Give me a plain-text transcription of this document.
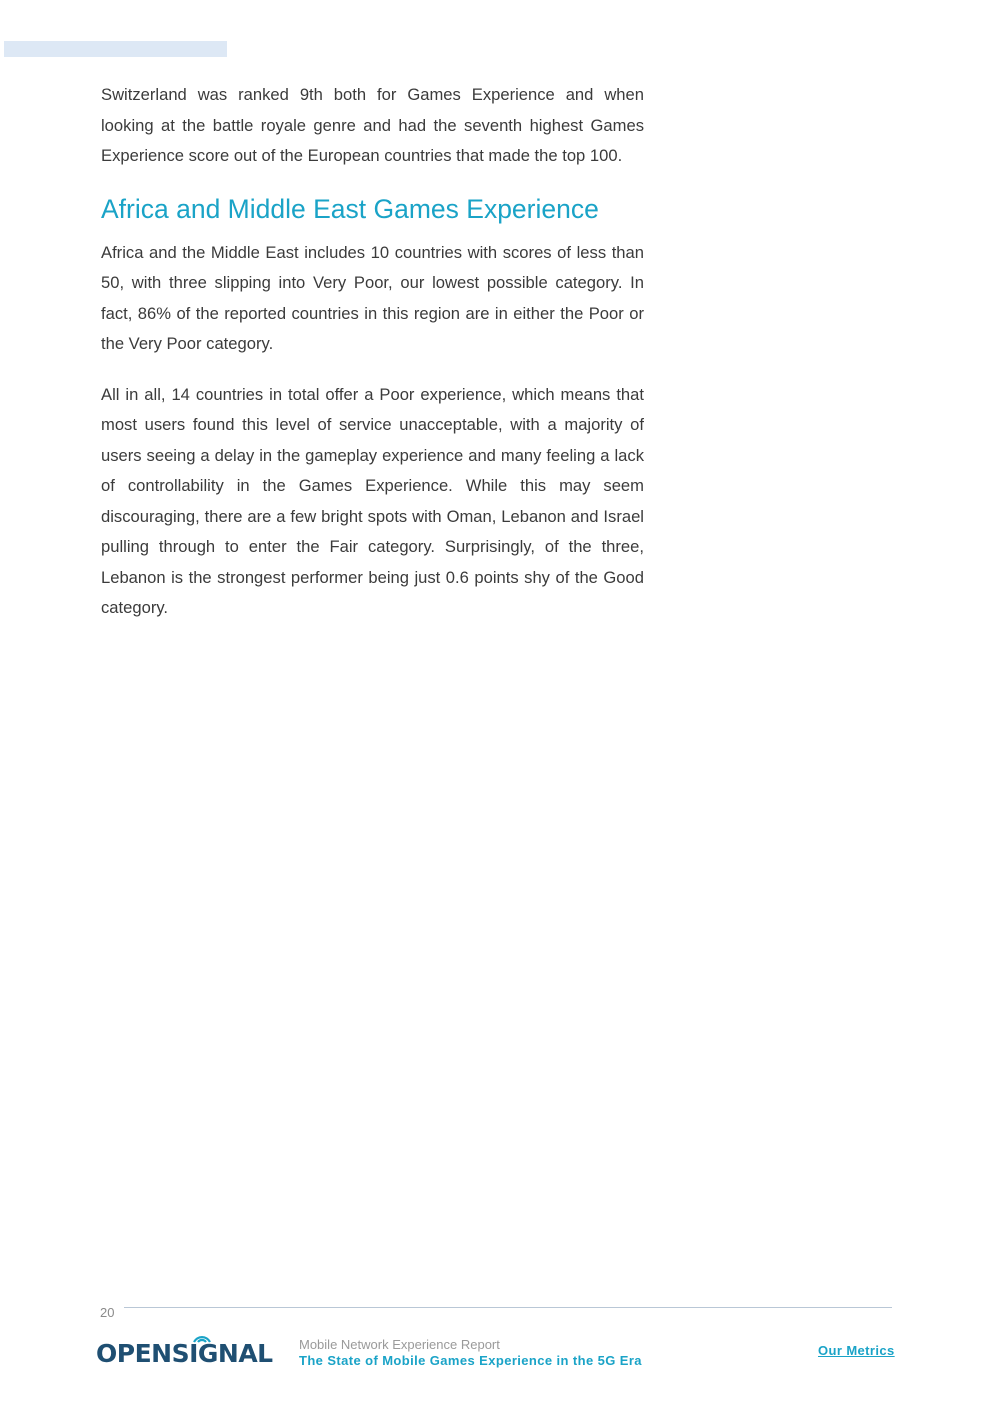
Switzerland was ranked 9th both for Games Experience and when looking at the battle royale genre and had the seventh highest Games Experience score out of the European countries that made the top 100.

Africa and Middle East Games Experience

Africa and the Middle East includes 10 countries with scores of less than 50, with three slipping into Very Poor, our lowest possible category. In fact, 86% of the reported countries in this region are in either the Poor or the Very Poor category.

All in all, 14 countries in total offer a Poor experience, which means that most users found this level of service unacceptable, with a majority of users seeing a delay in the gameplay experience and many feeling a lack of controllability in the Games Experience. While this may seem discouraging, there are a few bright spots with Oman, Lebanon and Israel pulling through to enter the Fair category. Surprisingly, of the three, Lebanon is the strongest performer being just 0.6 points shy of the Good category.

20
OPENSIGNAL Mobile Network Experience Report
The State of Mobile Games Experience in the 5G Era
Our Metrics
